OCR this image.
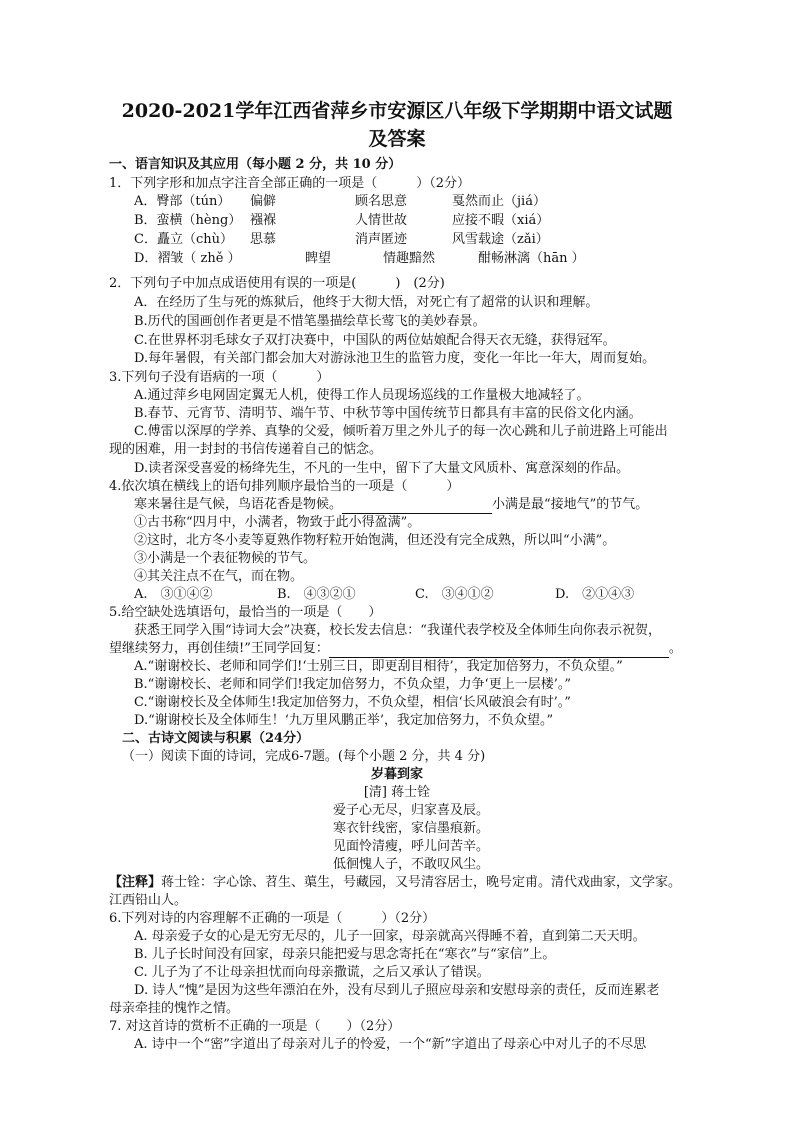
2020-2021学年江西省萍乡市安源区八年级下学期期中语文试题
及答案
一、语言知识及其应用（每小题 2 分，共 10 分）
1．下列字形和加点字注音全部正确的一项是（　　　）（2分）
A．臀部（tún） 偏僻	顾名思意	戛然而止（jiá）
B．蛮横（hèng） 襁褓	人情世故	应接不暇（xiá）
C．矗立（chù） 思慕	消声匿迹	风雪载途（zǎi）
D．褶皱（ zhě ）	睥望	情趣黯然	酣畅淋漓（hān ）
2．下列句子中加点成语使用有误的一项是(　　　)　(2分)
A．在经历了生与死的炼狱后，他终于大彻大悟，对死亡有了超常的认识和理解。
B.历代的国画创作者更是不惜笔墨描绘草长莺飞的美妙春景。
C.在世界杯羽毛球女子双打决赛中，中国队的两位姑娘配合得天衣无缝，获得冠军。
D.每年暑假，有关部门都会加大对游泳池卫生的监管力度，变化一年比一年大，周而复始。
3.下列句子没有语病的一项（　　　）
A.通过萍乡电网固定翼无人机，使得工作人员现场巡线的工作量极大地减轻了。
B.春节、元宵节、清明节、端午节、中秋节等中国传统节日都具有丰富的民俗文化内涵。
C.傅雷以深厚的学养、真挚的父爱，倾听着万里之外儿子的每一次心跳和儿子前进路上可能出
现的困难，用一封封的书信传递着自己的惦念。
D.读者深受喜爱的杨绛先生，不凡的一生中，留下了大量文风质朴、寓意深刻的作品。
4.依次填在横线上的语句排列顺序最恰当的一项是（　　　）
寒来暑往是气候，鸟语花香是物候。	小满是最“接地气”的节气。
①古书称“四月中，小满者，物致于此小得盈满”。
②这时，北方冬小麦等夏熟作物籽粒开始饱满，但还没有完全成熟，所以叫“小满”。
③小满是一个表征物候的节气。
④其关注点不在气，而在物。
A.　③①④②	B.　④③②①	C.　③④①②	D.　②①④③
5.给空缺处选填语句，最恰当的一项是（　　）
获悉王同学入围“诗词大会”决赛，校长发去信息：“我谨代表学校及全体师生向你表示祝贺，
望继续努力，再创佳绩!”王同学回复：	。
A.“谢谢校长、老师和同学们!‘士别三日，即更刮目相待’，我定加倍努力，不负众望。”
B.“谢谢校长、老师和同学们!我定加倍努力，不负众望，力争‘更上一层楼’。”
C.“谢谢校长及全体师生!我定加倍努力，不负众望，相信‘长风破浪会有时’。”
D.“谢谢校长及全体师生！‘九万里风鹏正举’，我定加倍努力，不负众望。”
二、古诗文阅读与积累（24分）
（一）阅读下面的诗词，完成6-7题。(每个小题 2 分，共 4 分)
岁暮到家
[清] 蒋士铨
爱子心无尽，归家喜及辰。
寒衣针线密，家信墨痕新。
见面怜清瘦，呼儿问苦辛。
低徊愧人子，不敢叹风尘。
【注释】蒋士铨：字心馀、苕生、蕖生，号藏园，又号清容居士，晚号定甫。清代戏曲家，文学家。
江西铅山人。
6.下列对诗的内容理解不正确的一项是（　　　）（2分）
A. 母亲爱子女的心是无穷无尽的，儿子一回家，母亲就高兴得睡不着，直到第二天天明。
B. 儿子长时间没有回家，母亲只能把爱与思念寄托在“寒衣”与“家信”上。
C. 儿子为了不让母亲担忧而向母亲撒谎，之后又承认了错误。
D. 诗人“愧”是因为这些年漂泊在外，没有尽到儿子照应母亲和安慰母亲的责任，反而连累老
母亲牵挂的愧怍之情。
7. 对这首诗的赏析不正确的一项是（　　）（2分）
A. 诗中一个“密”字道出了母亲对儿子的怜爱，一个“新”字道出了母亲心中对儿子的不尽思
